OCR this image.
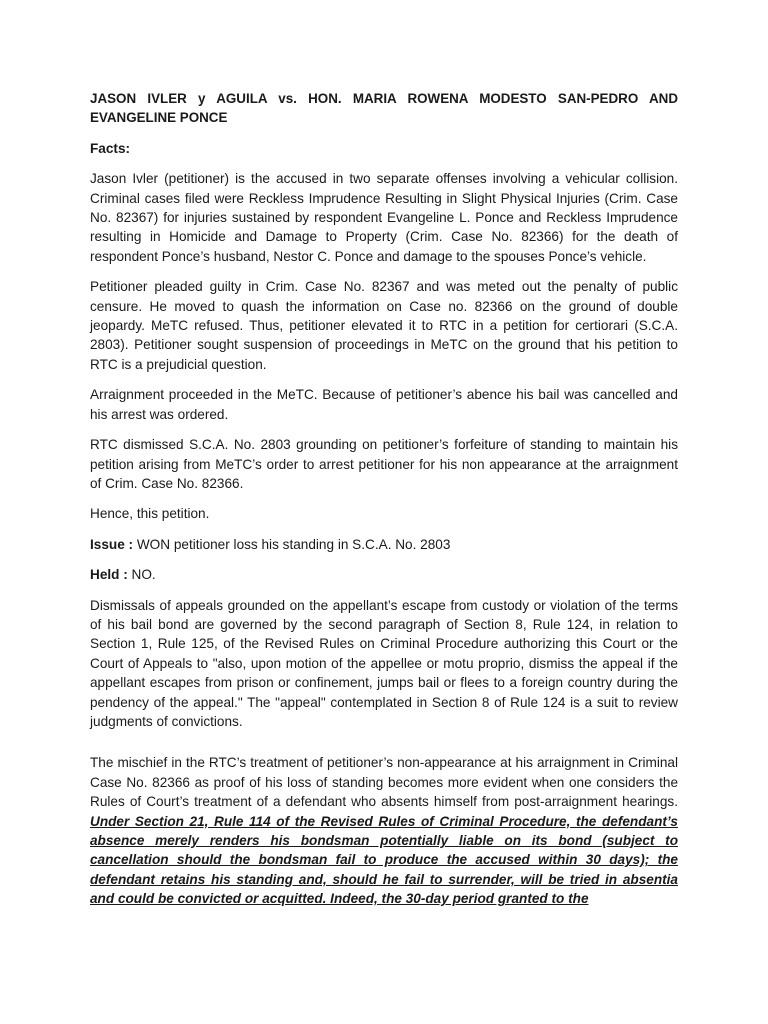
JASON IVLER y AGUILA vs. HON. MARIA ROWENA MODESTO SAN-PEDRO AND EVANGELINE PONCE
Facts:

Jason Ivler (petitioner) is the accused in two separate offenses involving a vehicular collision. Criminal cases filed were Reckless Imprudence Resulting in Slight Physical Injuries (Crim. Case No. 82367) for injuries sustained by respondent Evangeline L. Ponce and Reckless Imprudence resulting in Homicide and Damage to Property (Crim. Case No. 82366) for the death of respondent Ponce’s husband, Nestor C. Ponce and damage to the spouses Ponce’s vehicle.

Petitioner pleaded guilty in Crim. Case No. 82367 and was meted out the penalty of public censure. He moved to quash the information on Case no. 82366 on the ground of double jeopardy. MeTC refused. Thus, petitioner elevated it to RTC in a petition for certiorari (S.C.A. 2803). Petitioner sought suspension of proceedings in MeTC on the ground that his petition to RTC is a prejudicial question.

Arraignment proceeded in the MeTC. Because of petitioner’s abence his bail was cancelled and his arrest was ordered.

RTC dismissed S.C.A. No. 2803 grounding on petitioner’s forfeiture of standing to maintain his petition arising from MeTC’s order to arrest petitioner for his non appearance at the arraignment of Crim. Case No. 82366.

Hence, this petition.

Issue : WON petitioner loss his standing in S.C.A. No. 2803

Held : NO.

Dismissals of appeals grounded on the appellant’s escape from custody or violation of the terms of his bail bond are governed by the second paragraph of Section 8, Rule 124, in relation to Section 1, Rule 125, of the Revised Rules on Criminal Procedure authorizing this Court or the Court of Appeals to "also, upon motion of the appellee or motu proprio, dismiss the appeal if the appellant escapes from prison or confinement, jumps bail or flees to a foreign country during the pendency of the appeal." The "appeal" contemplated in Section 8 of Rule 124 is a suit to review judgments of convictions.

The mischief in the RTC’s treatment of petitioner’s non-appearance at his arraignment in Criminal Case No. 82366 as proof of his loss of standing becomes more evident when one considers the Rules of Court’s treatment of a defendant who absents himself from post-arraignment hearings. Under Section 21, Rule 114 of the Revised Rules of Criminal Procedure, the defendant’s absence merely renders his bondsman potentially liable on its bond (subject to cancellation should the bondsman fail to produce the accused within 30 days); the defendant retains his standing and, should he fail to surrender, will be tried in absentia and could be convicted or acquitted. Indeed, the 30-day period granted to the
